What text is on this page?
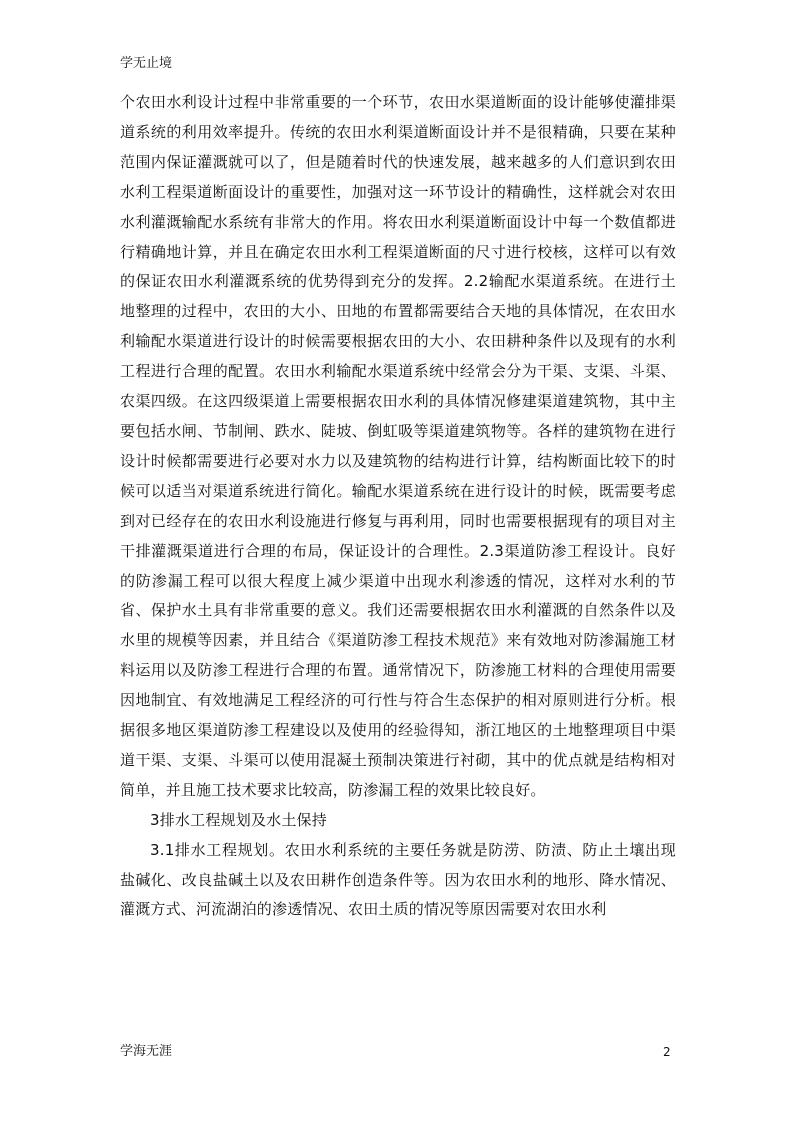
学无止境

个农田水利设计过程中非常重要的一个环节，农田水渠道断面的设计能够使灌排渠道系统的利用效率提升。传统的农田水利渠道断面设计并不是很精确，只要在某种范围内保证灌溉就可以了，但是随着时代的快速发展，越来越多的人们意识到农田水利工程渠道断面设计的重要性，加强对这一环节设计的精确性，这样就会对农田水利灌溉输配水系统有非常大的作用。将农田水利渠道断面设计中每一个数值都进行精确地计算，并且在确定农田水利工程渠道断面的尺寸进行校核，这样可以有效的保证农田水利灌溉系统的优势得到充分的发挥。2.2输配水渠道系统。在进行土地整理的过程中，农田的大小、田地的布置都需要结合天地的具体情况，在农田水利输配水渠道进行设计的时候需要根据农田的大小、农田耕种条件以及现有的水利工程进行合理的配置。农田水利输配水渠道系统中经常会分为干渠、支渠、斗渠、农渠四级。在这四级渠道上需要根据农田水利的具体情况修建渠道建筑物，其中主要包括水闸、节制闸、跌水、陡坡、倒虹吸等渠道建筑物等。各样的建筑物在进行设计时候都需要进行必要对水力以及建筑物的结构进行计算，结构断面比较下的时候可以适当对渠道系统进行简化。输配水渠道系统在进行设计的时候，既需要考虑到对已经存在的农田水利设施进行修复与再利用，同时也需要根据现有的项目对主干排灌溉渠道进行合理的布局，保证设计的合理性。2.3渠道防渗工程设计。良好的防渗漏工程可以很大程度上减少渠道中出现水利渗透的情况，这样对水利的节省、保护水土具有非常重要的意义。我们还需要根据农田水利灌溉的自然条件以及水里的规模等因素，并且结合《渠道防渗工程技术规范》来有效地对防渗漏施工材料运用以及防渗工程进行合理的布置。通常情况下，防渗施工材料的合理使用需要因地制宜、有效地满足工程经济的可行性与符合生态保护的相对原则进行分析。根据很多地区渠道防渗工程建设以及使用的经验得知，浙江地区的土地整理项目中渠道干渠、支渠、斗渠可以使用混凝土预制决策进行衬砌，其中的优点就是结构相对简单，并且施工技术要求比较高，防渗漏工程的效果比较良好。

3排水工程规划及水土保持

3.1排水工程规划。农田水利系统的主要任务就是防涝、防渍、防止土壤出现盐碱化、改良盐碱土以及农田耕作创造条件等。因为农田水利的地形、降水情况、灌溉方式、河流湖泊的渗透情况、农田土质的情况等原因需要对农田水利

学海无涯	2
